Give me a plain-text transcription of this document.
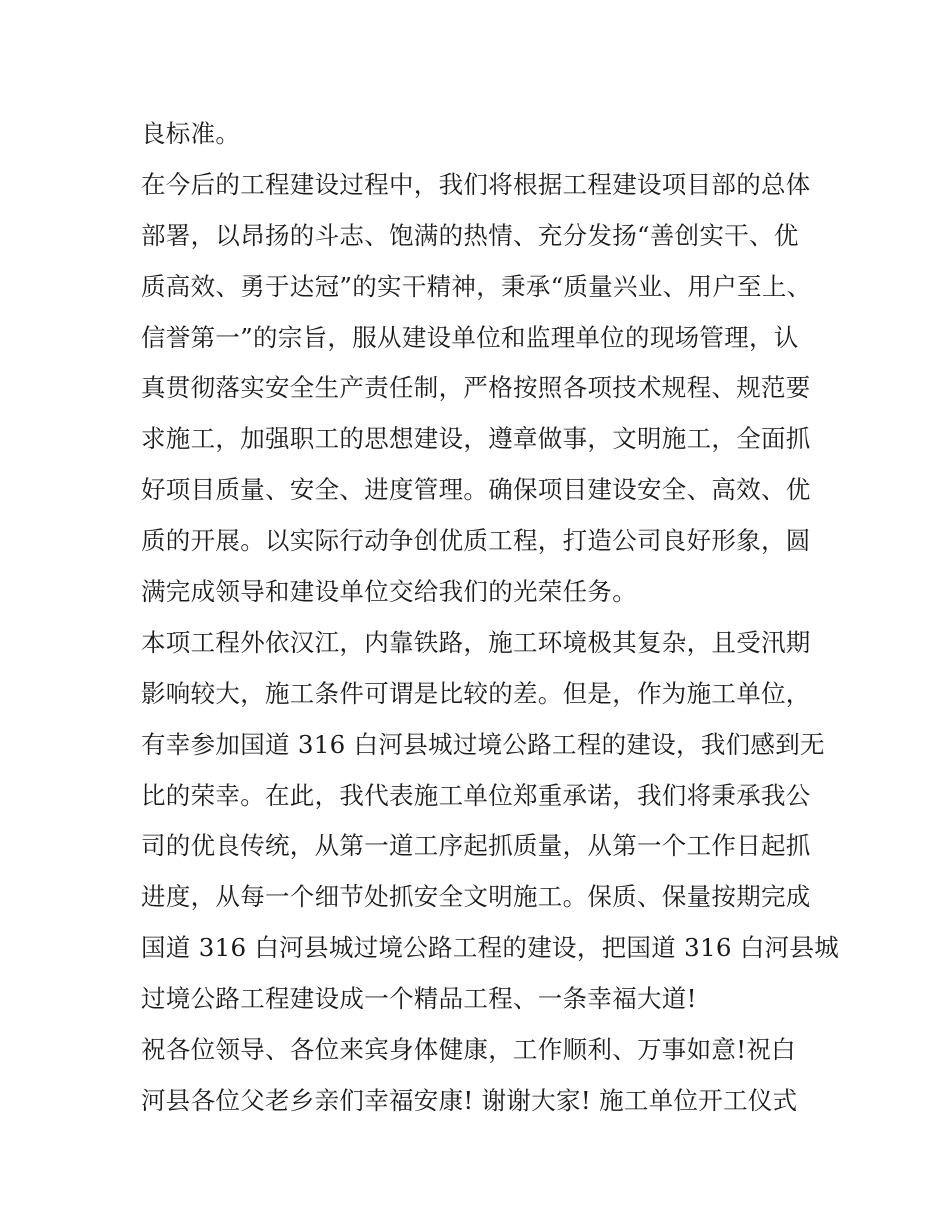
良标准。
在今后的工程建设过程中，我们将根据工程建设项目部的总体
部署，以昂扬的斗志、饱满的热情、充分发扬“善创实干、优
质高效、勇于达冠”的实干精神，秉承“质量兴业、用户至上、
信誉第一”的宗旨，服从建设单位和监理单位的现场管理，认
真贯彻落实安全生产责任制，严格按照各项技术规程、规范要
求施工，加强职工的思想建设，遵章做事，文明施工，全面抓
好项目质量、安全、进度管理。确保项目建设安全、高效、优
质的开展。以实际行动争创优质工程，打造公司良好形象，圆
满完成领导和建设单位交给我们的光荣任务。
本项工程外依汉江，内靠铁路，施工环境极其复杂，且受汛期
影响较大，施工条件可谓是比较的差。但是，作为施工单位，
有幸参加国道 316 白河县城过境公路工程的建设，我们感到无
比的荣幸。在此，我代表施工单位郑重承诺，我们将秉承我公
司的优良传统，从第一道工序起抓质量，从第一个工作日起抓
进度，从每一个细节处抓安全文明施工。保质、保量按期完成
国道 316 白河县城过境公路工程的建设，把国道 316 白河县城
过境公路工程建设成一个精品工程、一条幸福大道!
祝各位领导、各位来宾身体健康，工作顺利、万事如意!祝白
河县各位父老乡亲们幸福安康! 谢谢大家! 施工单位开工仪式
